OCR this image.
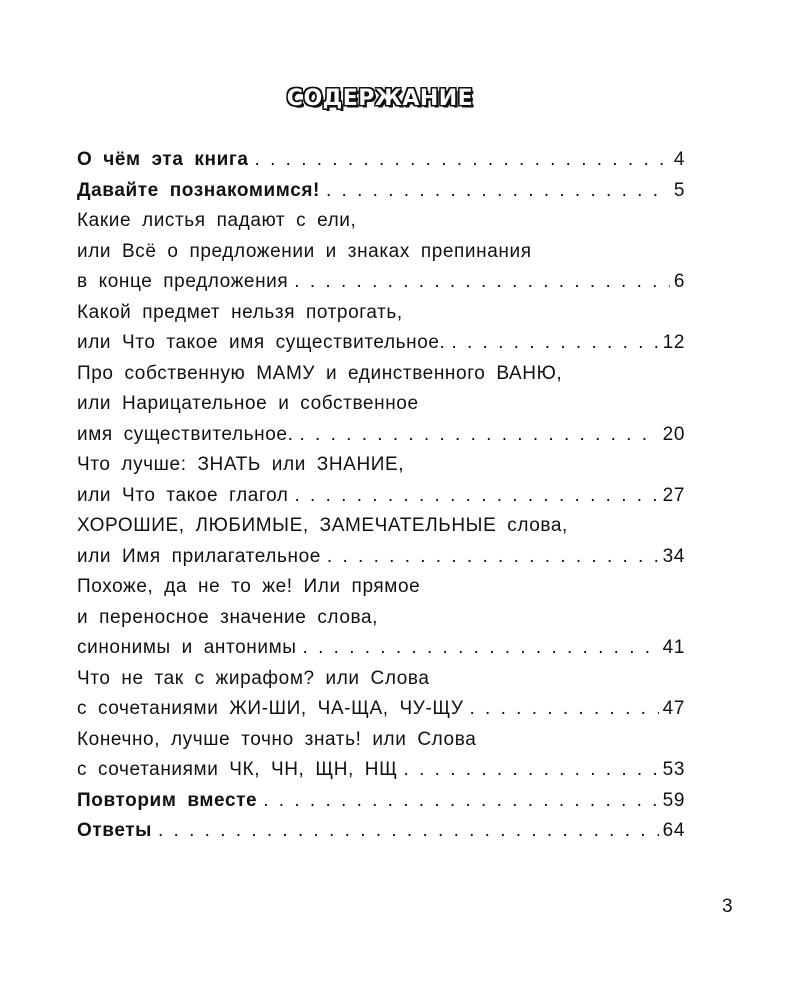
СОДЕРЖАНИЕ
О чём эта книга . . .	4
Давайте познакомимся! . . .	5
Какие листья падают с ели,
или Всё о предложении и знаках препинания
в конце предложения . . .	6
Какой предмет нельзя потрогать,
или Что такое имя существительное. . . .	12
Про собственную МАМУ и единственного ВАНЮ,
или Нарицательное и собственное
имя существительное. . . .	20
Что лучше: ЗНАТЬ или ЗНАНИЕ,
или Что такое глагол . . .	27
ХОРОШИЕ, ЛЮБИМЫЕ, ЗАМЕЧАТЕЛЬНЫЕ слова,
или Имя прилагательное . . .	34
Похоже, да не то же! Или прямое
и переносное значение слова,
синонимы и антонимы . . .	41
Что не так с жирафом? или Слова
с сочетаниями ЖИ-ШИ, ЧА-ЩА, ЧУ-ЩУ . . .	47
Конечно, лучше точно знать! или Слова
с сочетаниями ЧК, ЧН, ЩН, НЩ . . .	53
Повторим вместе . . .	59
Ответы . . .	64
3
